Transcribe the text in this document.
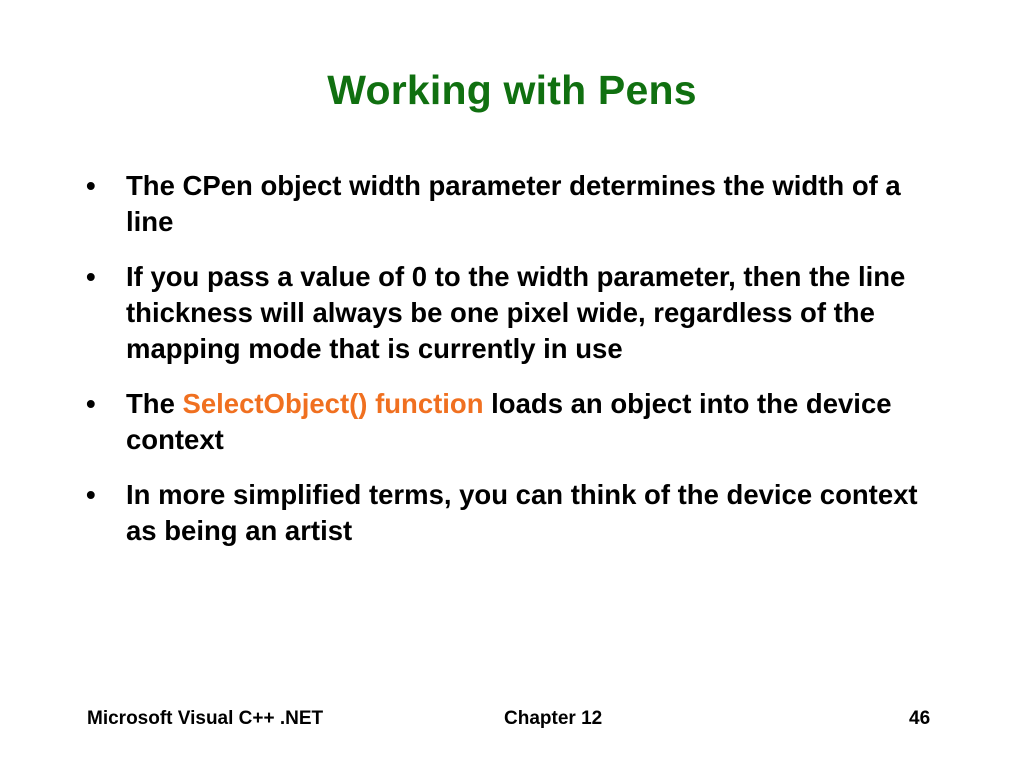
Working with Pens
•	The CPen object width parameter determines the width of a line
•	If you pass a value of 0 to the width parameter, then the line thickness will always be one pixel wide, regardless of the mapping mode that is currently in use
•	The SelectObject() function loads an object into the device context
•	In more simplified terms, you can think of the device context as being an artist
Microsoft Visual C++ .NET	Chapter 12	46
